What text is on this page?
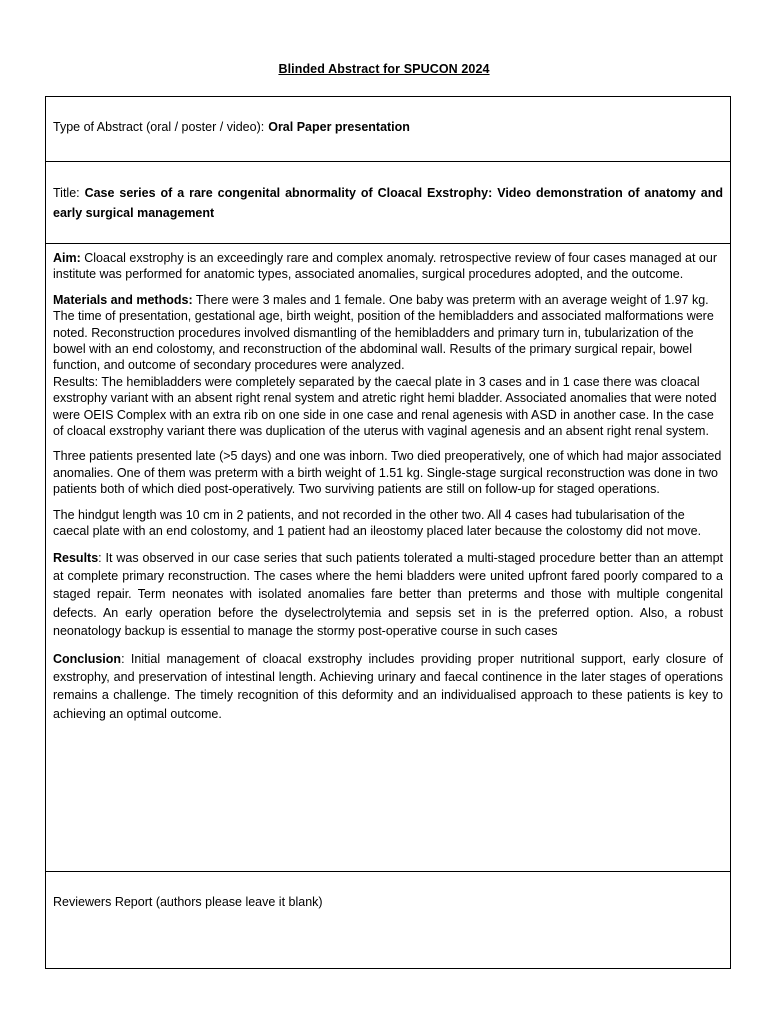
Blinded Abstract for SPUCON 2024
Type of Abstract (oral / poster / video): Oral Paper presentation
Title: Case series of a rare congenital abnormality of Cloacal Exstrophy: Video demonstration of anatomy and early surgical management

Aim: Cloacal exstrophy is an exceedingly rare and complex anomaly. retrospective review of four cases managed at our institute was performed for anatomic types, associated anomalies, surgical procedures adopted, and the outcome.

Materials and methods: There were 3 males and 1 female. One baby was preterm with an average weight of 1.97 kg. The time of presentation, gestational age, birth weight, position of the hemibladders and associated malformations were noted. Reconstruction procedures involved dismantling of the hemibladders and primary turn in, tubularization of the bowel with an end colostomy, and reconstruction of the abdominal wall. Results of the primary surgical repair, bowel function, and outcome of secondary procedures were analyzed.

Results: The hemibladders were completely separated by the caecal plate in 3 cases and in 1 case there was cloacal exstrophy variant with an absent right renal system and atretic right hemi bladder. Associated anomalies that were noted were OEIS Complex with an extra rib on one side in one case and renal agenesis with ASD in another case. In the case of cloacal exstrophy variant there was duplication of the uterus with vaginal agenesis and an absent right renal system.

Three patients presented late (>5 days) and one was inborn. Two died preoperatively, one of which had major associated anomalies. One of them was preterm with a birth weight of 1.51 kg. Single-stage surgical reconstruction was done in two patients both of which died post-operatively. Two surviving patients are still on follow-up for staged operations.

The hindgut length was 10 cm in 2 patients, and not recorded in the other two. All 4 cases had tubularisation of the caecal plate with an end colostomy, and 1 patient had an ileostomy placed later because the colostomy did not move.

Results: It was observed in our case series that such patients tolerated a multi-staged procedure better than an attempt at complete primary reconstruction. The cases where the hemi bladders were united upfront fared poorly compared to a staged repair. Term neonates with isolated anomalies fare better than preterms and those with multiple congenital defects. An early operation before the dyselectrolytemia and sepsis set in is the preferred option. Also, a robust neonatology backup is essential to manage the stormy post-operative course in such cases

Conclusion: Initial management of cloacal exstrophy includes providing proper nutritional support, early closure of exstrophy, and preservation of intestinal length. Achieving urinary and faecal continence in the later stages of operations remains a challenge. The timely recognition of this deformity and an individualised approach to these patients is key to achieving an optimal outcome.

Reviewers Report (authors please leave it blank)
